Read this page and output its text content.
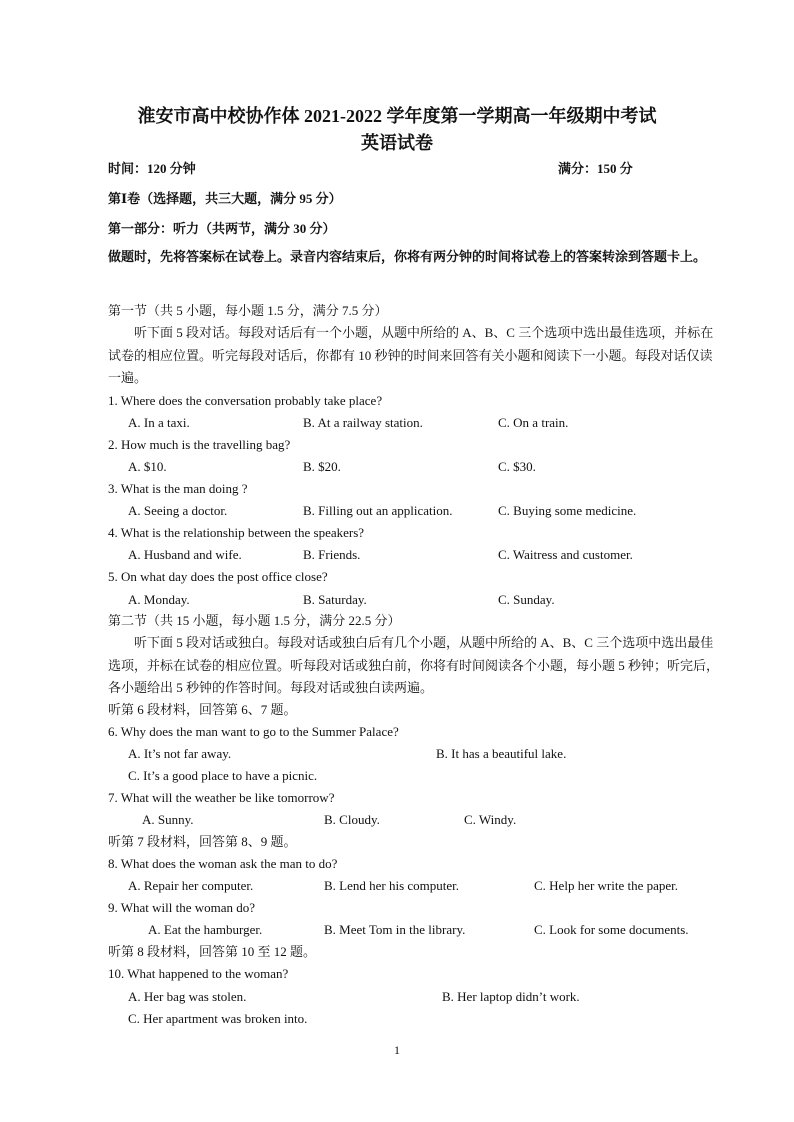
淮安市高中校协作体 2021-2022 学年度第一学期高一年级期中考试
英语试卷
时间：120 分钟	满分：150 分
第Ⅰ卷（选择题，共三大题，满分 95 分）
第一部分：听力（共两节，满分 30 分）
做题时，先将答案标在试卷上。录音内容结束后，你将有两分钟的时间将试卷上的答案转涂到答题卡上。
第一节（共 5 小题，每小题 1.5 分，满分 7.5 分）
听下面 5 段对话。每段对话后有一个小题，从题中所给的 A、B、C 三个选项中选出最佳选项，并标在试卷的相应位置。听完每段对话后，你都有 10 秒钟的时间来回答有关小题和阅读下一小题。每段对话仅读一遍。
1. Where does the conversation probably take place?
A. In a taxi.	B. At a railway station.	C. On a train.
2. How much is the travelling bag?
A. $10.	B. $20.	C. $30.
3. What is the man doing ?
A. Seeing a doctor.	B. Filling out an application.	C. Buying some medicine.
4. What is the relationship between the speakers?
A. Husband and wife.	B. Friends.	C. Waitress and customer.
5. On what day does the post office close?
A. Monday.	B. Saturday.	C. Sunday.
第二节（共 15 小题，每小题 1.5 分，满分 22.5 分）
听下面 5 段对话或独白。每段对话或独白后有几个小题，从题中所给的 A、B、C 三个选项中选出最佳选项，并标在试卷的相应位置。听每段对话或独白前，你将有时间阅读各个小题，每小题 5 秒钟；听完后，各小题给出 5 秒钟的作答时间。每段对话或独白读两遍。
听第 6 段材料，回答第 6、7 题。
6. Why does the man want to go to the Summer Palace?
A. It’s not far away.	B. It has a beautiful lake.
C. It’s a good place to have a picnic.
7. What will the weather be like tomorrow?
A. Sunny.	B. Cloudy.	C. Windy.
听第 7 段材料，回答第 8、9 题。
8. What does the woman ask the man to do?
A. Repair her computer.	B. Lend her his computer.	C. Help her write the paper.
9. What will the woman do?
A. Eat the hamburger.	B. Meet Tom in the library.	C. Look for some documents.
听第 8 段材料，回答第 10 至 12 题。
10. What happened to the woman?
A. Her bag was stolen.	B. Her laptop didn’t work.
C. Her apartment was broken into.
1
